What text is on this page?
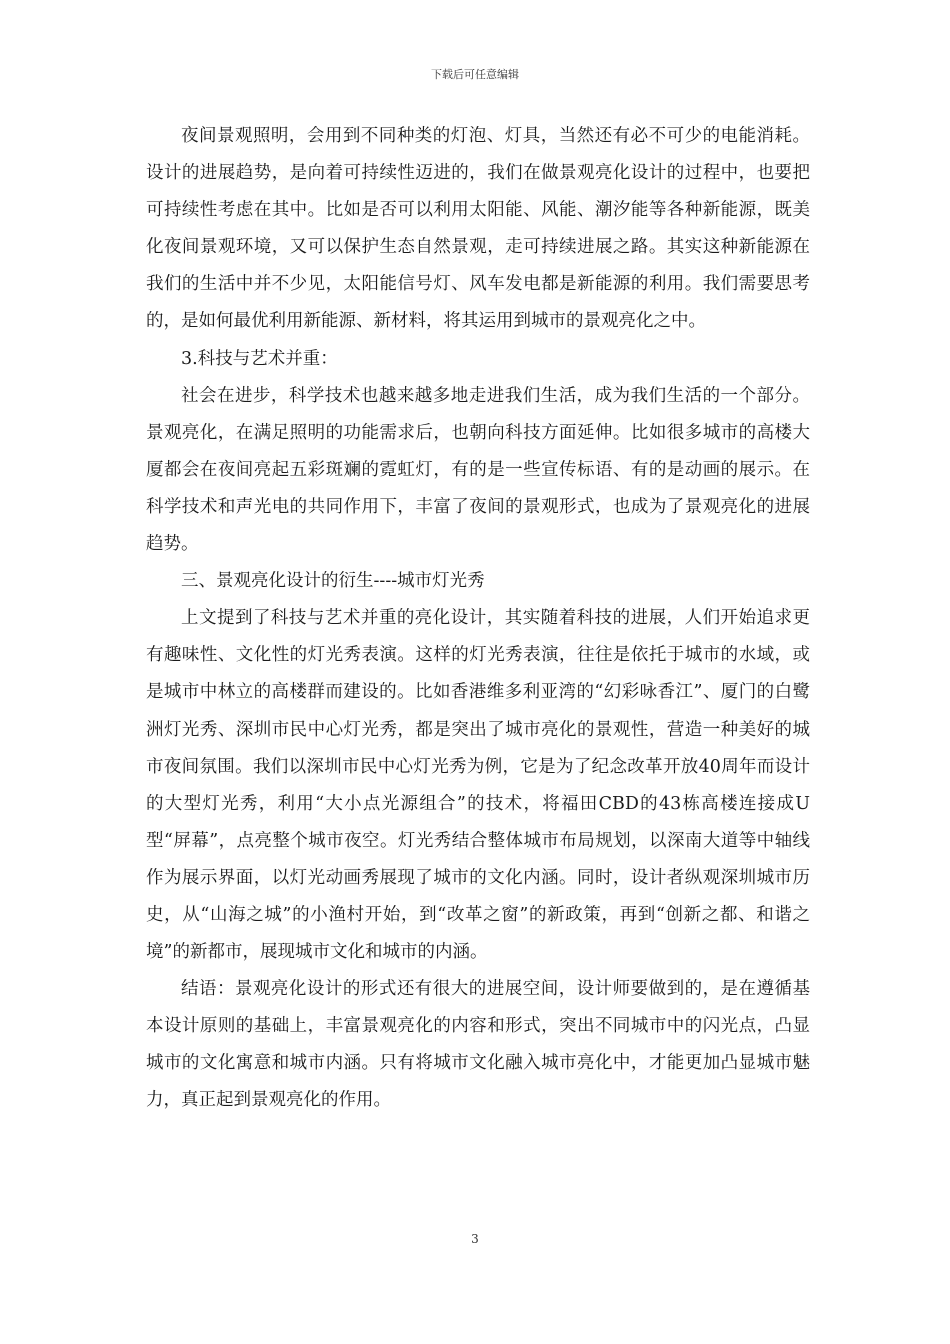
下载后可任意编辑

夜间景观照明，会用到不同种类的灯泡、灯具，当然还有必不可少的电能消耗。设计的进展趋势，是向着可持续性迈进的，我们在做景观亮化设计的过程中，也要把可持续性考虑在其中。比如是否可以利用太阳能、风能、潮汐能等各种新能源，既美化夜间景观环境，又可以保护生态自然景观，走可持续进展之路。其实这种新能源在我们的生活中并不少见，太阳能信号灯、风车发电都是新能源的利用。我们需要思考的，是如何最优利用新能源、新材料，将其运用到城市的景观亮化之中。

3.科技与艺术并重：

社会在进步，科学技术也越来越多地走进我们生活，成为我们生活的一个部分。景观亮化，在满足照明的功能需求后，也朝向科技方面延伸。比如很多城市的高楼大厦都会在夜间亮起五彩斑斓的霓虹灯，有的是一些宣传标语、有的是动画的展示。在科学技术和声光电的共同作用下，丰富了夜间的景观形式，也成为了景观亮化的进展趋势。

三、景观亮化设计的衍生----城市灯光秀

上文提到了科技与艺术并重的亮化设计，其实随着科技的进展，人们开始追求更有趣味性、文化性的灯光秀表演。这样的灯光秀表演，往往是依托于城市的水域，或是城市中林立的高楼群而建设的。比如香港维多利亚湾的“幻彩咏香江”、厦门的白鹭洲灯光秀、深圳市民中心灯光秀，都是突出了城市亮化的景观性，营造一种美好的城市夜间氛围。我们以深圳市民中心灯光秀为例，它是为了纪念改革开放40周年而设计的大型灯光秀，利用“大小点光源组合”的技术，将福田CBD的43栋高楼连接成U型“屏幕”，点亮整个城市夜空。灯光秀结合整体城市布局规划，以深南大道等中轴线作为展示界面，以灯光动画秀展现了城市的文化内涵。同时，设计者纵观深圳城市历史，从“山海之城”的小渔村开始，到“改革之窗”的新政策，再到“创新之都、和谐之境”的新都市，展现城市文化和城市的内涵。

结语：景观亮化设计的形式还有很大的进展空间，设计师要做到的，是在遵循基本设计原则的基础上，丰富景观亮化的内容和形式，突出不同城市中的闪光点，凸显城市的文化寓意和城市内涵。只有将城市文化融入城市亮化中，才能更加凸显城市魅力，真正起到景观亮化的作用。

3
